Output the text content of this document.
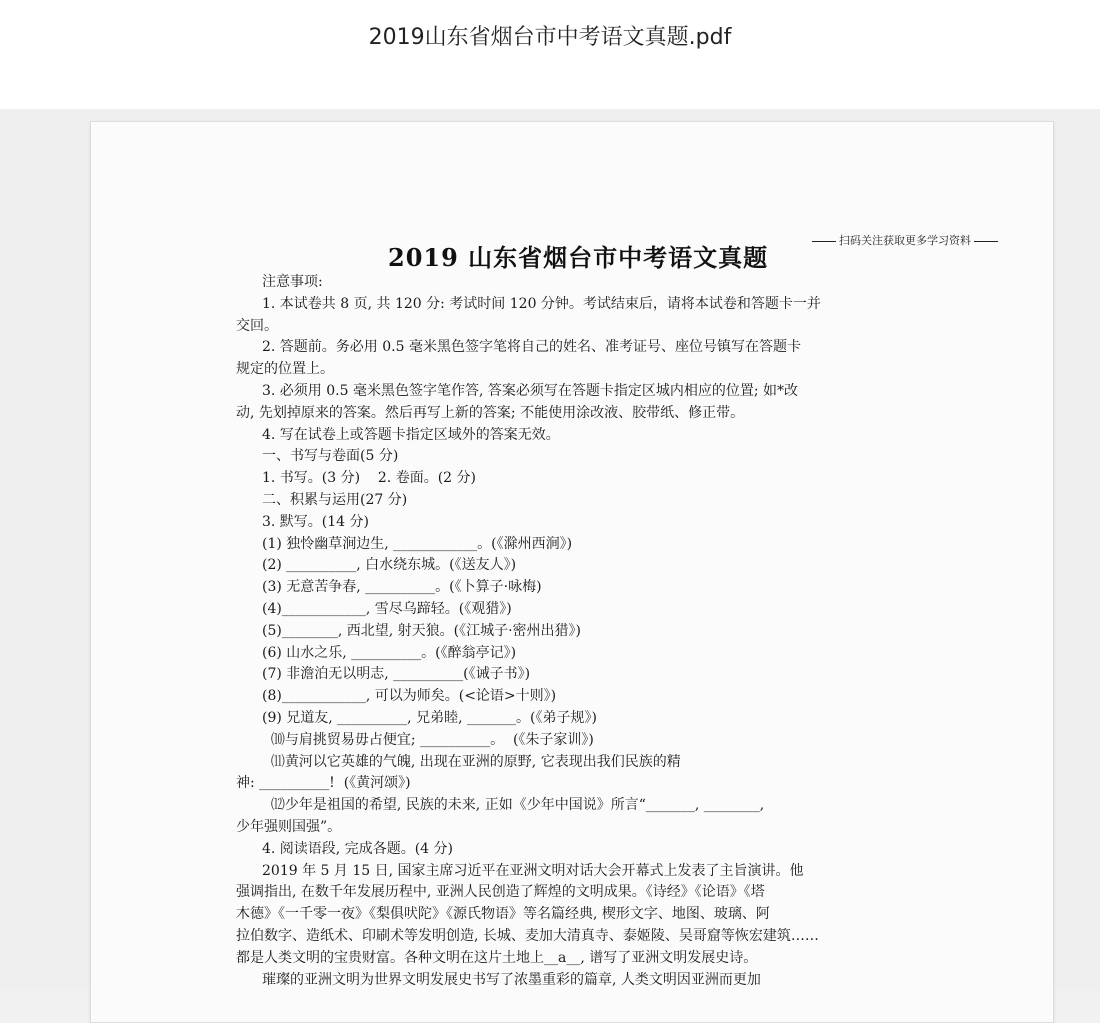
2019山东省烟台市中考语文真题.pdf
2019 山东省烟台市中考语文真题
扫码关注获取更多学习资料
注意事项:
1. 本试卷共 8 页, 共 120 分: 考试时间 120 分钟。考试结束后，请将本试卷和答题卡一并
交回。
2. 答题前。务必用 0.5 毫米黑色签字笔将自己的姓名、准考证号、座位号镇写在答题卡
规定的位置上。
3. 必须用 0.5 毫米黑色签字笔作答, 答案必须写在答题卡指定区城内相应的位置; 如*改
动, 先划掉原来的答案。然后再写上新的答案; 不能使用涂改液、胶带纸、修正带。
4. 写在试卷上或答题卡指定区域外的答案无效。
一、书写与卷面(5 分)
1. 书写。(3 分)    2. 卷面。(2 分)
二、积累与运用(27 分)
3. 默写。(14 分)
(1) 独怜幽草涧边生, ____________。(《滁州西涧》)
(2) __________, 白水绕东城。(《送友人》)
(3) 无意苦争春, __________。(《卜算子·咏梅)
(4)____________, 雪尽乌蹄轻。(《观猎》)
(5)________, 西北望, 射天狼。(《江城子·密州出猎》)
(6) 山水之乐, __________。(《醉翁亭记》)
(7) 非澹泊无以明志, __________(《诫子书》)
(8)____________, 可以为师矣。(<论语>十则》)
(9) 兄道友, __________, 兄弟睦, _______。(《弟子规》)
⑽与肩挑贸易毋占便宜; __________。  (《朱子家训》)
⑾黄河以它英雄的气魄, 出现在亚洲的原野, 它表现出我们民族的精
神: __________!  (《黄河颂》)
⑿少年是祖国的希望, 民族的未来, 正如《少年中国说》所言“_______, ________,
少年强则国强”。
4. 阅读语段, 完成各题。(4 分)
2019 年 5 月 15 日, 国家主席习近平在亚洲文明对话大会开幕式上发表了主旨演讲。他
强调指出, 在数千年发展历程中, 亚洲人民创造了辉煌的文明成果。《诗经》《论语》《塔
木德》《一千零一夜》《梨俱吠陀》《源氏物语》等名篇经典, 楔形文字、地图、玻璃、阿
拉伯数字、造纸术、印刷术等发明创造, 长城、麦加大清真寺、泰姬陵、吴哥窟等恢宏建筑……
都是人类文明的宝贵财富。各种文明在这片土地上__a__, 谱写了亚洲文明发展史诗。
璀璨的亚洲文明为世界文明发展史书写了浓墨重彩的篇章, 人类文明因亚洲而更加
